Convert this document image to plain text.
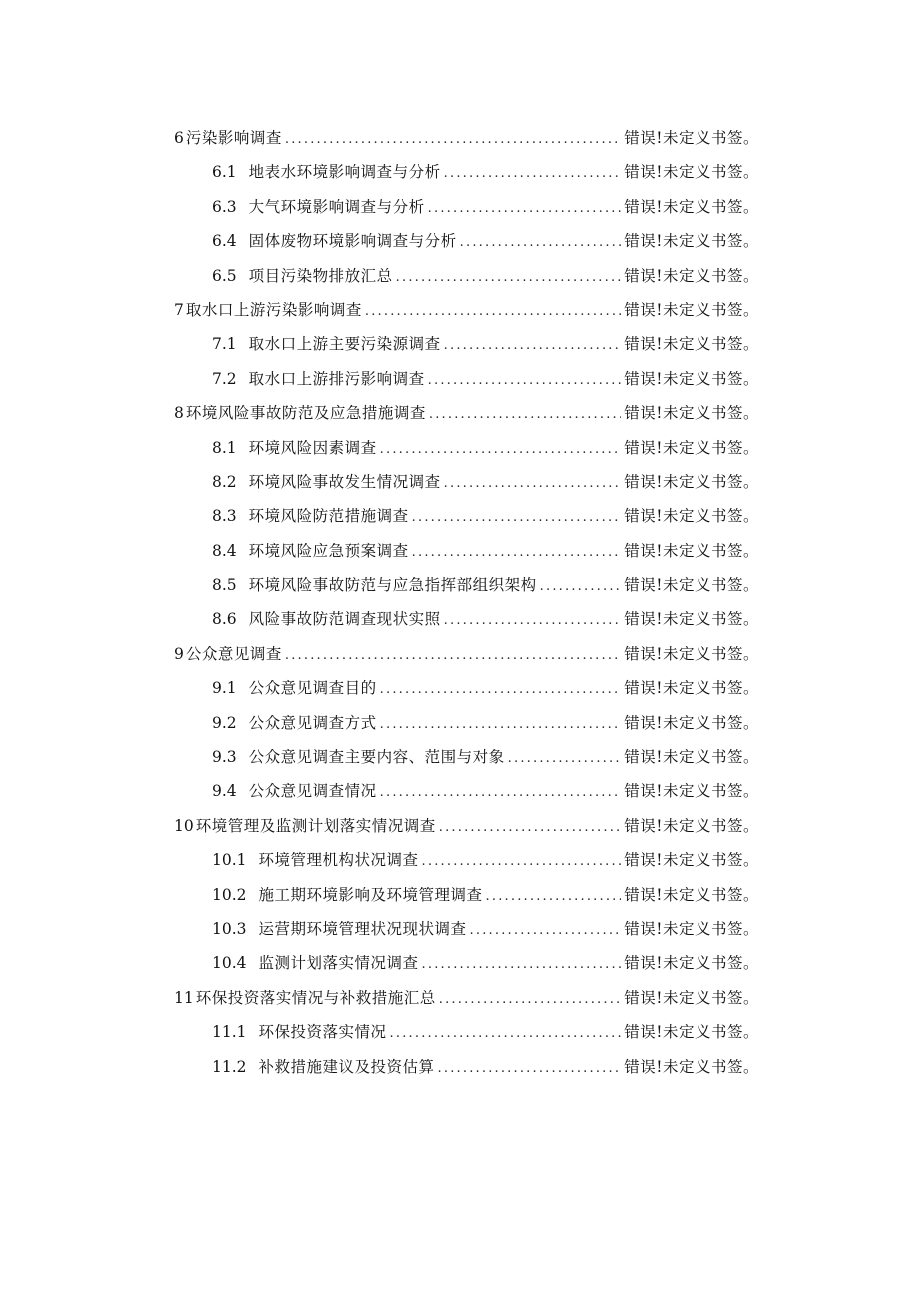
6 污染影响调查 .....	错误!未定义书签。
6.1 地表水环境影响调查与分析 .....	错误!未定义书签。
6.3 大气环境影响调查与分析 .....	错误!未定义书签。
6.4 固体废物环境影响调查与分析 .....	错误!未定义书签。
6.5 项目污染物排放汇总 .....	错误!未定义书签。
7 取水口上游污染影响调查 .....	错误!未定义书签。
7.1 取水口上游主要污染源调查 .....	错误!未定义书签。
7.2 取水口上游排污影响调查 .....	错误!未定义书签。
8 环境风险事故防范及应急措施调查 .....	错误!未定义书签。
8.1 环境风险因素调查 .....	错误!未定义书签。
8.2 环境风险事故发生情况调查 .....	错误!未定义书签。
8.3 环境风险防范措施调查 .....	错误!未定义书签。
8.4 环境风险应急预案调查 .....	错误!未定义书签。
8.5 环境风险事故防范与应急指挥部组织架构 .....	错误!未定义书签。
8.6 风险事故防范调查现状实照 .....	错误!未定义书签。
9 公众意见调查 .....	错误!未定义书签。
9.1 公众意见调查目的 .....	错误!未定义书签。
9.2 公众意见调查方式 .....	错误!未定义书签。
9.3 公众意见调查主要内容、范围与对象 .....	错误!未定义书签。
9.4 公众意见调查情况 .....	错误!未定义书签。
10 环境管理及监测计划落实情况调查 .....	错误!未定义书签。
10.1 环境管理机构状况调查 .....	错误!未定义书签。
10.2 施工期环境影响及环境管理调查 .....	错误!未定义书签。
10.3 运营期环境管理状况现状调查 .....	错误!未定义书签。
10.4 监测计划落实情况调查 .....	错误!未定义书签。
11 环保投资落实情况与补救措施汇总 .....	错误!未定义书签。
11.1 环保投资落实情况 .....	错误!未定义书签。
11.2 补救措施建议及投资估算 .....	错误!未定义书签。
